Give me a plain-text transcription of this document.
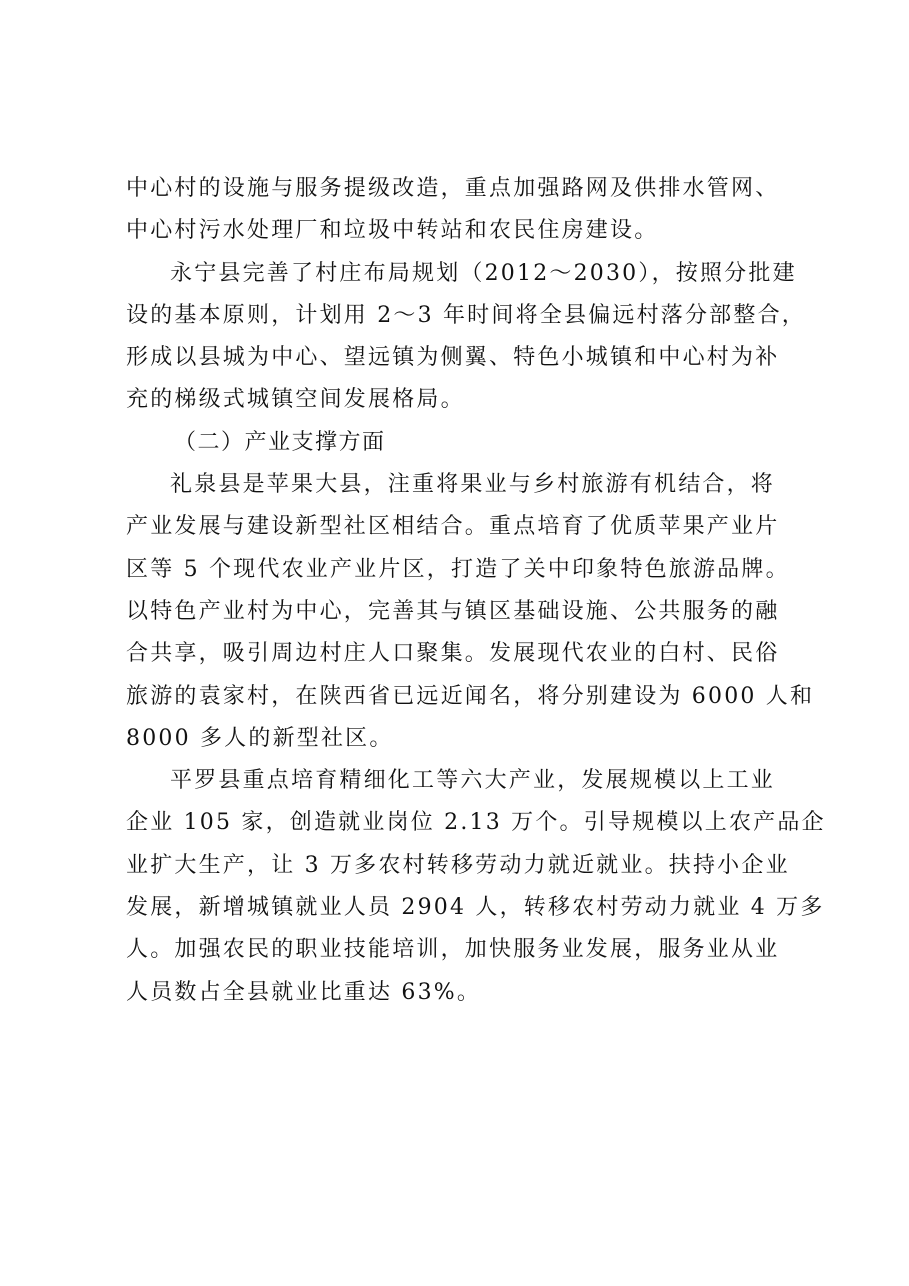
中心村的设施与服务提级改造，重点加强路网及供排水管网、
中心村污水处理厂和垃圾中转站和农民住房建设。
永宁县完善了村庄布局规划（2012～2030），按照分批建
设的基本原则，计划用 2～3 年时间将全县偏远村落分部整合，
形成以县城为中心、望远镇为侧翼、特色小城镇和中心村为补
充的梯级式城镇空间发展格局。
（二）产业支撑方面
礼泉县是苹果大县，注重将果业与乡村旅游有机结合，将
产业发展与建设新型社区相结合。重点培育了优质苹果产业片
区等 5 个现代农业产业片区，打造了关中印象特色旅游品牌。
以特色产业村为中心，完善其与镇区基础设施、公共服务的融
合共享，吸引周边村庄人口聚集。发展现代农业的白村、民俗
旅游的袁家村，在陕西省已远近闻名，将分别建设为 6000 人和
8000 多人的新型社区。
平罗县重点培育精细化工等六大产业，发展规模以上工业
企业 105 家，创造就业岗位 2.13 万个。引导规模以上农产品企
业扩大生产，让 3 万多农村转移劳动力就近就业。扶持小企业
发展，新增城镇就业人员 2904 人，转移农村劳动力就业 4 万多
人。加强农民的职业技能培训，加快服务业发展，服务业从业
人员数占全县就业比重达 63%。
